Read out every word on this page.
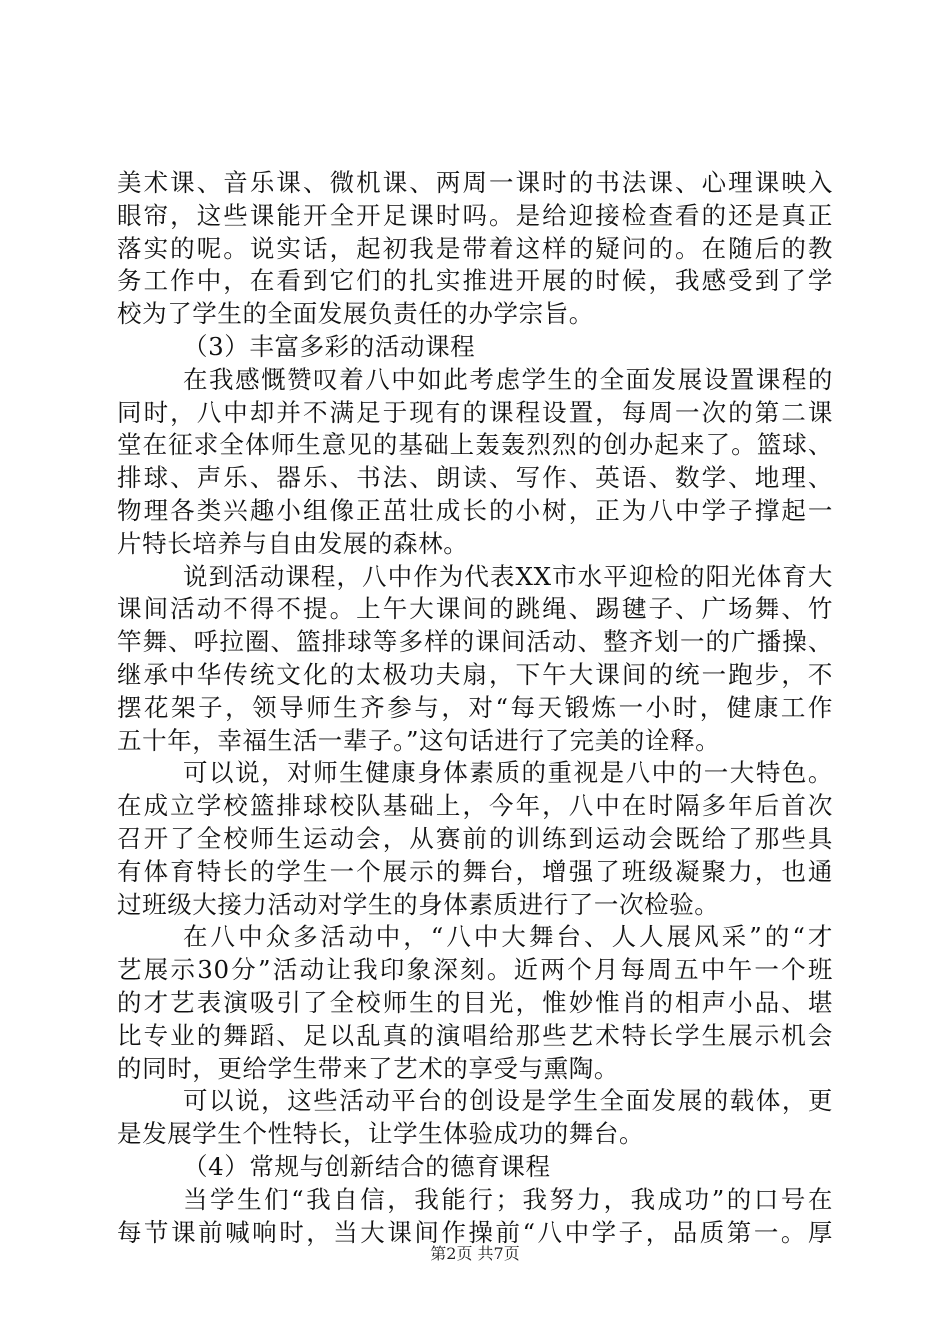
美术课、音乐课、微机课、两周一课时的书法课、心理课映入
眼帘，这些课能开全开足课时吗。是给迎接检查看的还是真正
落实的呢。说实话，起初我是带着这样的疑问的。在随后的教
务工作中，在看到它们的扎实推进开展的时候，我感受到了学
校为了学生的全面发展负责任的办学宗旨。
（3）丰富多彩的活动课程
在我感慨赞叹着八中如此考虑学生的全面发展设置课程的
同时，八中却并不满足于现有的课程设置，每周一次的第二课
堂在征求全体师生意见的基础上轰轰烈烈的创办起来了。篮球、
排球、声乐、器乐、书法、朗读、写作、英语、数学、地理、
物理各类兴趣小组像正茁壮成长的小树，正为八中学子撑起一
片特长培养与自由发展的森林。
说到活动课程，八中作为代表XX市水平迎检的阳光体育大
课间活动不得不提。上午大课间的跳绳、踢毽子、广场舞、竹
竿舞、呼拉圈、篮排球等多样的课间活动、整齐划一的广播操、
继承中华传统文化的太极功夫扇，下午大课间的统一跑步，不
摆花架子，领导师生齐参与，对“每天锻炼一小时，健康工作
五十年，幸福生活一辈子。”这句话进行了完美的诠释。
可以说，对师生健康身体素质的重视是八中的一大特色。
在成立学校篮排球校队基础上，今年，八中在时隔多年后首次
召开了全校师生运动会，从赛前的训练到运动会既给了那些具
有体育特长的学生一个展示的舞台，增强了班级凝聚力，也通
过班级大接力活动对学生的身体素质进行了一次检验。
在八中众多活动中，“八中大舞台、人人展风采”的“才
艺展示30分”活动让我印象深刻。近两个月每周五中午一个班
的才艺表演吸引了全校师生的目光，惟妙惟肖的相声小品、堪
比专业的舞蹈、足以乱真的演唱给那些艺术特长学生展示机会
的同时，更给学生带来了艺术的享受与熏陶。
可以说，这些活动平台的创设是学生全面发展的载体，更
是发展学生个性特长，让学生体验成功的舞台。
（4）常规与创新结合的德育课程
当学生们“我自信，我能行；我努力，我成功”的口号在
每节课前喊响时，当大课间作操前“八中学子，品质第一。厚
第2页 共7页
